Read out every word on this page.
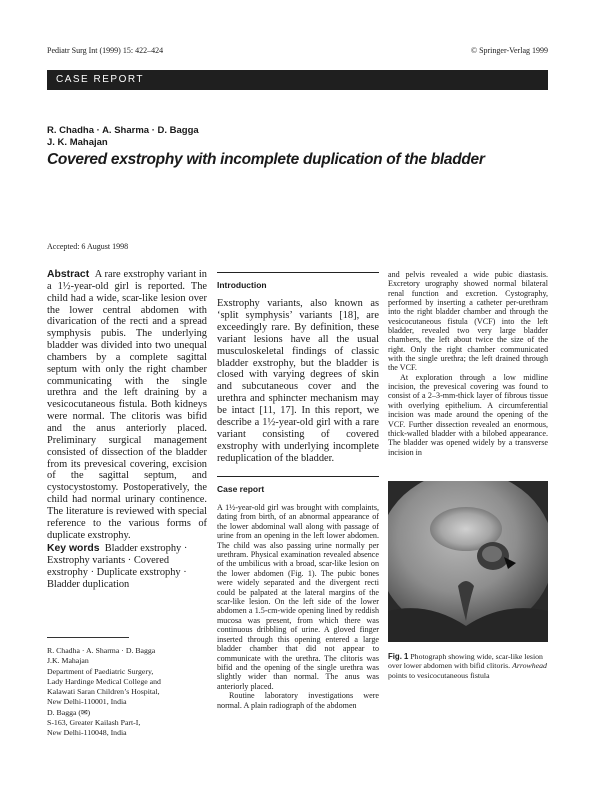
Pediatr Surg Int (1999) 15: 422–424	© Springer-Verlag 1999
CASE REPORT
R. Chadha · A. Sharma · D. Bagga
J. K. Mahajan
Covered exstrophy with incomplete duplication of the bladder
Accepted: 6 August 1998
Abstract A rare exstrophy variant in a 1½-year-old girl is reported. The child had a wide, scar-like lesion over the lower central abdomen with divarication of the recti and a spread symphysis pubis. The underlying bladder was divided into two unequal chambers by a complete sagittal septum with only the right chamber communicating with the single urethra and the left draining by a vesicocutaneous fistula. Both kidneys were normal. The clitoris was bifid and the anus anteriorly placed. Preliminary surgical management consisted of dissection of the bladder from its prevesical covering, excision of the sagittal septum, and cystocystostomy. Postoperatively, the child had normal urinary continence. The literature is reviewed with special reference to the various forms of duplicate exstrophy.
Key words Bladder exstrophy · Exstrophy variants · Covered exstrophy · Duplicate exstrophy · Bladder duplication
R. Chadha · A. Sharma · D. Bagga
J.K. Mahajan
Department of Paediatric Surgery,
Lady Hardinge Medical College and
Kalawati Saran Children’s Hospital,
New Delhi-110001, India
D. Bagga (✉)
S-163, Greater Kailash Part-I,
New Delhi-110048, India
Introduction
Exstrophy variants, also known as ‘split symphysis’ variants [18], are exceedingly rare. By definition, these variant lesions have all the usual musculoskeletal findings of classic bladder exstrophy, but the bladder is closed with varying degrees of skin and subcutaneous cover and the urethra and sphincter mechanism may be intact [11, 17]. In this report, we describe a 1½-year-old girl with a rare variant consisting of covered exstrophy with underlying incomplete reduplication of the bladder.
Case report

A 1½-year-old girl was brought with complaints, dating from birth, of an abnormal appearance of the lower abdominal wall along with passage of urine from an opening in the left lower abdomen. The child was also passing urine normally per urethram. Physical examination revealed absence of the umbilicus with a broad, scar-like lesion on the lower abdomen (Fig. 1). The pubic bones were widely separated and the divergent recti could be palpated at the lateral margins of the scar-like lesion. On the left side of the lower abdomen a 1.5-cm-wide opening lined by reddish mucosa was present, from which there was continuous dribbling of urine. A gloved finger inserted through this opening entered a large bladder chamber that did not appear to communicate with the urethra. The clitoris was bifid and the opening of the single urethra was slightly wider than normal. The anus was anteriorly placed.

Routine laboratory investigations were normal. A plain radiograph of the abdomen

and pelvis revealed a wide pubic diastasis. Excretory urography showed normal bilateral renal function and excretion. Cystography, performed by inserting a catheter per-urethram into the right bladder chamber and through the vesicocutaneous fistula (VCF) into the left bladder, revealed two very large bladder chambers, the left about twice the size of the right. Only the right chamber communicated with the single urethra; the left drained through the VCF.

At exploration through a low midline incision, the prevesical covering was found to consist of a 2–3-mm-thick layer of fibrous tissue with overlying epithelium. A circumferential incision was made around the opening of the VCF. Further dissection revealed an enormous, thick-walled bladder with a bilobed appearance. The bladder was opened widely by a transverse incision in

Fig. 1 Photograph showing wide, scar-like lesion over lower abdomen with bifid clitoris. Arrowhead points to vesicocutaneous fistula
